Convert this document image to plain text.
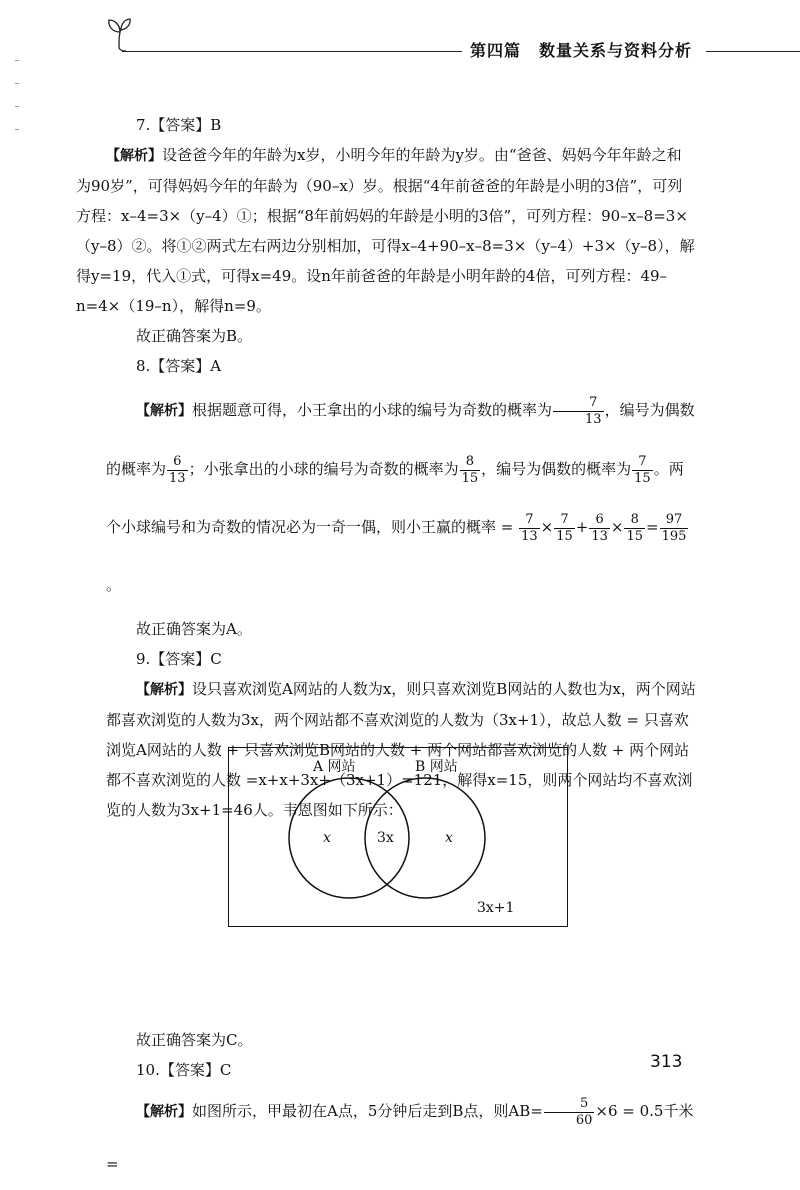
第四篇 数量关系与资料分析

7.【答案】B

【解析】设爸爸今年的年龄为x岁，小明今年的年龄为y岁。由“爸爸、妈妈今年年龄之和为90岁”，可得妈妈今年的年龄为（90–x）岁。根据“4年前爸爸的年龄是小明的3倍”，可列方程：x–4=3×（y–4）①；根据“8年前妈妈的年龄是小明的3倍”，可列方程：90–x–8=3×（y–8）②。将①②两式左右两边分别相加，可得x–4+90–x–8=3×（y–4）+3×（y–8），解得y=19，代入①式，可得x=49。设n年前爸爸的年龄是小明年龄的4倍，可列方程：49–n=4×（19–n），解得n=9。

故正确答案为B。

8.【答案】A

【解析】根据题意可得，小王拿出的小球的编号为奇数的概率为 $\frac{7}{13}$ ，编号为偶数

的概率为 $\frac{6}{13}$ ；小张拿出的小球的编号为奇数的概率为 $\frac{8}{15}$ ，编号为偶数的概率为 $\frac{7}{15}$ 。两

个小球编号和为奇数的情况必为一奇一偶，则小王赢的概率 = $\frac{7}{13} \times \frac{7}{15} + \frac{6}{13} \times \frac{8}{15} = \frac{97}{195}$
。

故正确答案为A。

9.【答案】C

【解析】设只喜欢浏览A网站的人数为x，则只喜欢浏览B网站的人数也为x，两个网站都喜欢浏览的人数为3x，两个网站都不喜欢浏览的人数为（3x+1），故总人数 = 只喜欢浏览A网站的人数 + 只喜欢浏览B网站的人数 + 两个网站都喜欢浏览的人数 + 两个网站都不喜欢浏览的人数 =x+x+3x+（3x+1）=121，解得x=15，则两个网站均不喜欢浏览的人数为3x+1=46人。韦恩图如下所示：

故正确答案为C。

10.【答案】C

【解析】如图所示，甲最初在A点，5分钟后走到B点，则$AB= \frac{5}{60} \times 6 = 0.5$千米 =

A 网站	B 网站
x	3x	x
3x+1
313
